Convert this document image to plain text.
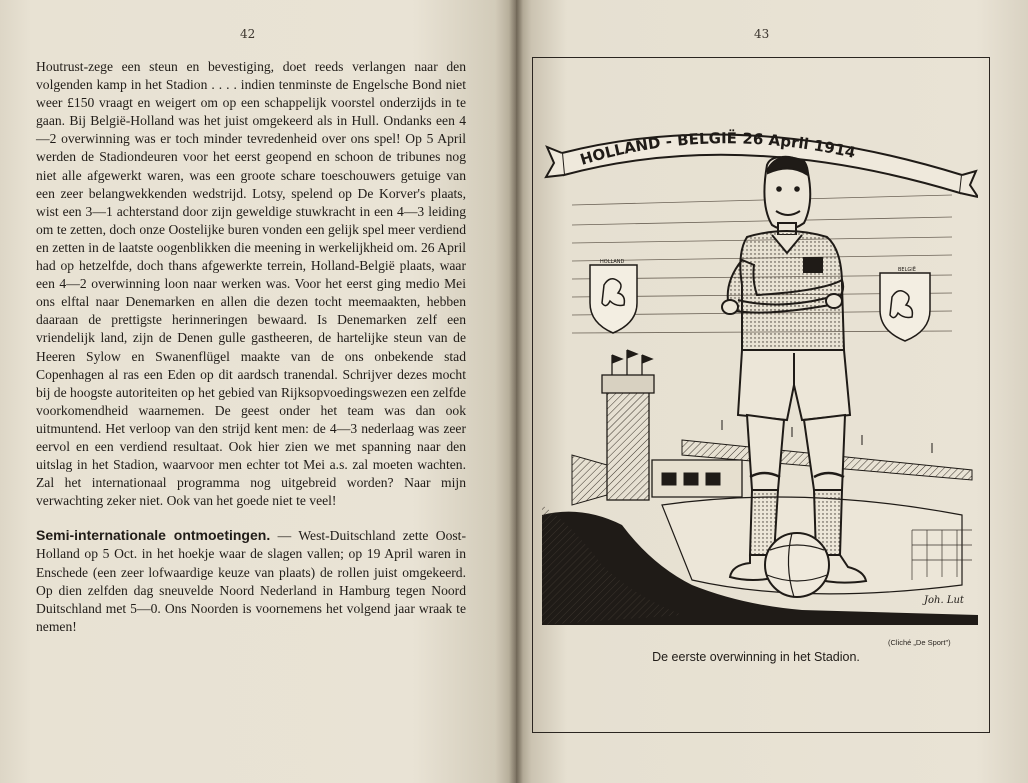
42

Houtrust-zege een steun en bevestiging, doet reeds verlangen naar den volgenden kamp in het Stadion . . . . indien tenminste de Engelsche Bond niet weer £150 vraagt en weigert om op een schappelijk voorstel onderzijds in te gaan. Bij België-Holland was het juist omgekeerd als in Hull. Ondanks een 4—2 overwinning was er toch minder tevredenheid over ons spel! Op 5 April werden de Stadiondeuren voor het eerst geopend en schoon de tribunes nog niet alle afgewerkt waren, was een groote schare toeschouwers getuige van een zeer belangwekkenden wedstrijd. Lotsy, spelend op De Korver's plaats, wist een 3—1 achterstand door zijn geweldige stuwkracht in een 4—3 leiding om te zetten, doch onze Oostelijke buren vonden een gelijk spel meer verdiend en zetten in de laatste oogenblikken die meening in werkelijkheid om. 26 April had op hetzelfde, doch thans afgewerkte terrein, Holland-België plaats, waar een 4—2 overwinning loon naar werken was. Voor het eerst ging medio Mei ons elftal naar Denemarken en allen die dezen tocht meemaakten, hebben daaraan de prettigste herinneringen bewaard. Is Denemarken zelf een vriendelijk land, zijn de Denen gulle gastheeren, de hartelijke steun van de Heeren Sylow en Swanenflügel maakte van de ons onbekende stad Copenhagen al ras een Eden op dit aardsch tranendal. Schrijver dezes mocht bij de hoogste autoriteiten op het gebied van Rijksopvoedingswezen een zelfde voorkomendheid waarnemen. De geest onder het team was dan ook uitmuntend. Het verloop van den strijd kent men: de 4—3 nederlaag was zeer eervol en een verdiend resultaat. Ook hier zien we met spanning naar den uitslag in het Stadion, waarvoor men echter tot Mei a.s. zal moeten wachten. Zal het internationaal programma nog uitgebreid worden? Naar mijn verwachting zeker niet. Ook van het goede niet te veel!

Semi-internationale ontmoetingen. — West-Duitschland zette Oost-Holland op 5 Oct. in het hoekje waar de slagen vallen; op 19 April waren in Enschede (een zeer lofwaardige keuze van plaats) de rollen juist omgekeerd. Op dien zelfden dag sneuvelde Noord Nederland in Hamburg tegen Noord Duitschland met 5—0. Ons Noorden is voornemens het volgend jaar wraak te nemen!

43
HOLLAND - BELGIË 26 April 1914
HOLLAND
BELGIË
Joh. Lut
(Cliché „De Sport")
De eerste overwinning in het Stadion.
